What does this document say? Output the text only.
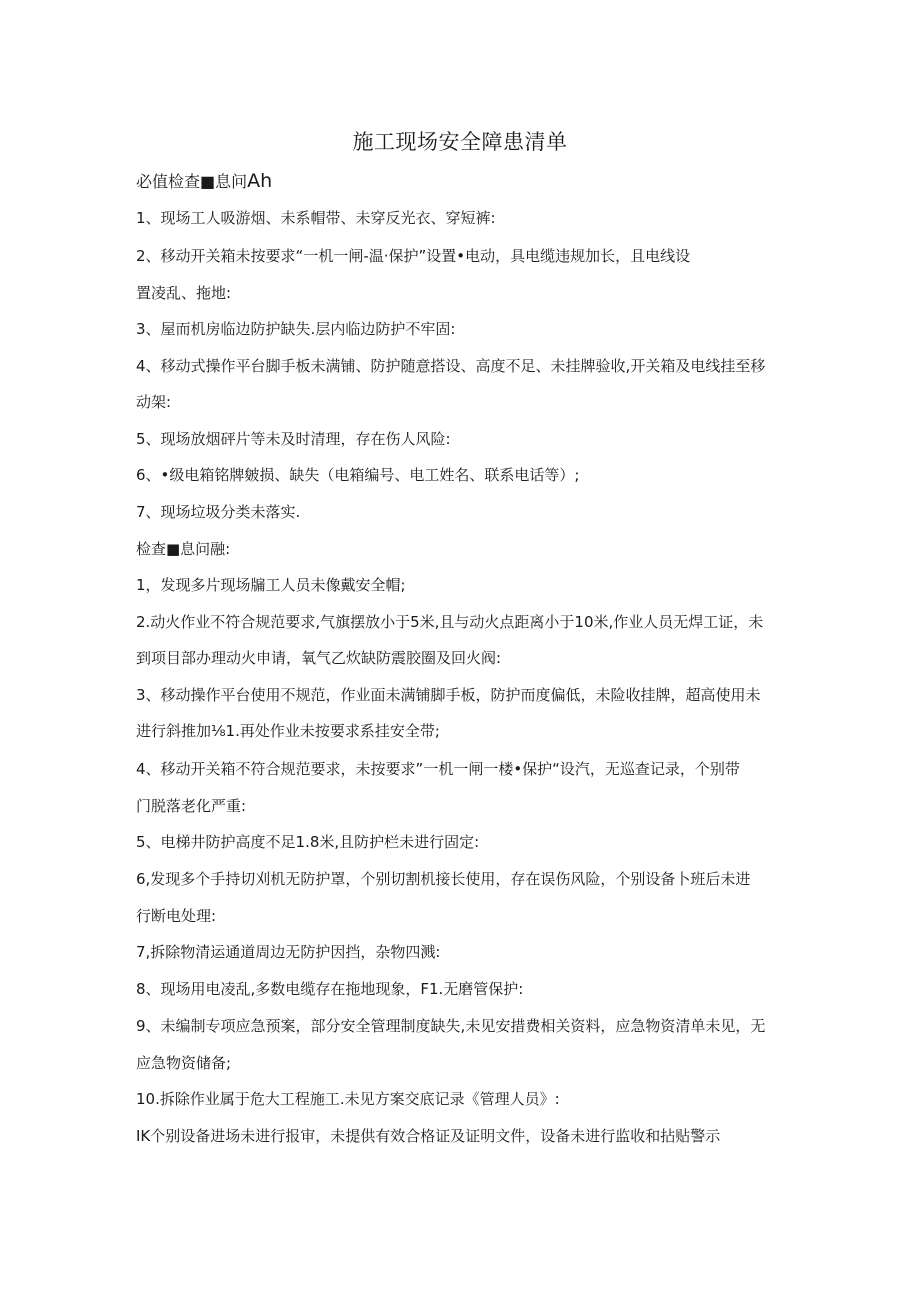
施工现场安全障患清单
必值检查■息问Ah
1、现场工人吸游烟、未系帽带、未穿反光衣、穿短裤:
2、移动开关箱未按要求“一机一闸-温·保护”设置•电动，具电缆违规加长，且电线设
置凌乱、拖地:
3、屋而机房临边防护缺失.层内临边防护不牢固:
4、移动式操作平台脚手板未满铺、防护随意搭设、高度不足、未挂牌验收,开关箱及电线挂至移
动架:
5、现场放烟砰片等未及时清理，存在伤人风险:
6、•级电箱铭牌皴损、缺失（电箱编号、电工姓名、联系电话等）;
7、现场垃圾分类未落实.
检查■息问融:
1，发现多片现场牖工人员未像戴安全帽;
2.动火作业不符合规范要求,气旗摆放小于5米,且与动火点距离小于10米,作业人员无焊工证，未
到项目部办理动火申请，氧气乙炊缺防震胶圈及回火阀:
3、移动操作平台使用不规范，作业面未满铺脚手板，防护而度偏低，未险收挂牌，超高使用未
进行斜推加⅛1.再处作业未按要求系挂安全带;
4、移动开关箱不符合规范要求，未按要求”一机一闸一楼•保护“设汽，无巡查记录，个别带
门脱落老化严重:
5、电梯井防护高度不足1.8米,且防护栏未进行固定:
6,发现多个手持切刈机无防护罩，个别切割机接长使用，存在误伤风险，个别设备卜班后未进
行断电处理:
7,拆除物清运通道周边无防护因挡，杂物四溅:
8、现场用电凌乱,多数电缆存在拖地现象，F1.无磨管保护:
9、未编制专项应急预案，部分安全管理制度缺失,未见安措费相关资料，应急物资清单未见，无
应急物资储备;
10.拆除作业属于危大工程施工.未见方案交底记录《管理人员》:
IK个别设备进场未进行报审，未提供有效合格证及证明文件，设备未进行监收和拈贴警示
